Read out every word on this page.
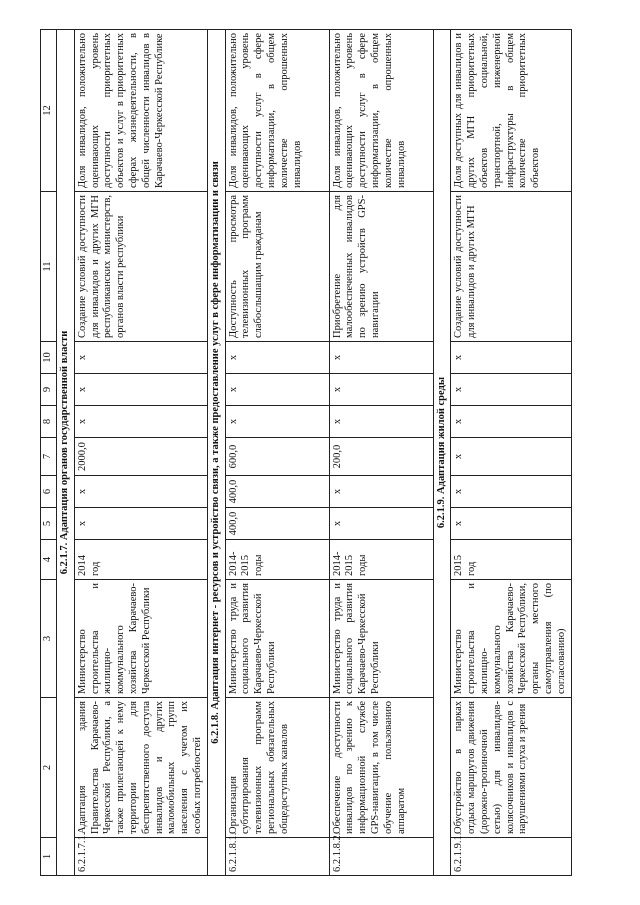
1	2	3	4	5	6	7	8	9	10	11	12
6.2.1.7. Адаптация органов государственной власти											
6.2.1.7.1.	Адаптация здания Правительства Карачаево-Черкесской Республики, а также прилегающей к нему территории для беспрепятственного доступа инвалидов и других маломобильных групп населения с учетом их особых потребностей	Министерство строительства и жилищно-коммунального хозяйства Карачаево-Черкесской Республики	2014 год	х	х	2000,0	х	х	х	Создание условий доступности для инвалидов и других МГН республиканских министерств, органов власти республики	Доля инвалидов, положительно оценивающих уровень доступности приоритетных объектов и услуг в приоритетных сферах жизнедеятельности, в общей численности инвалидов в Карачаево-Черкесской Республике
6.2.1.8. Адаптация интернет - ресурсов и устройство связи, а также предоставление услуг в сфере информатизации и связи											
6.2.1.8.1.	Организация субтитрирования телевизионных программ региональных обязательных общедоступных каналов	Министерство труда и социального развития Карачаево-Черкесской Республики	2014-2015 годы	400,0	400,0	600,0	х	х	х	Доступность просмотра телевизионных программ слабослышащим гражданам	Доля инвалидов, положительно оценивающих уровень доступности услуг в сфере информатизации, в общем количестве опрошенных инвалидов
6.2.1.8.2.	Обеспечение доступности инвалидов по зрению к информационной службе GPS-навигации, в том числе обучение пользованию аппаратом	Министерство труда и социального развития Карачаево-Черкесской Республики	2014-2015 годы	х	х	200,0	х	х	х	Приобретение для малообеспеченных инвалидов по зрению устройств GPS-навигации	Доля инвалидов, положительно оценивающих уровень доступности услуг в сфере информатизации, в общем количестве опрошенных инвалидов
6.2.1.9. Адаптация жилой среды											
6.2.1.9.1.	Обустройство в парках отдыха маршрутов движения (дорожно-тропиночной сетью) для инвалидов-колясочников и инвалидов с нарушениями слуха и зрения	Министерство строительства и жилищно-коммунального хозяйства Карачаево-Черкесской Республики, органы местного самоуправления (по согласованию)	2015 год	х	х	х	х	х	х	Создание условий доступности для инвалидов и других МГН	Доля доступных для инвалидов и других МГН приоритетных объектов социальной, транспортной, инженерной инфраструктуры в общем количестве приоритетных объектов
